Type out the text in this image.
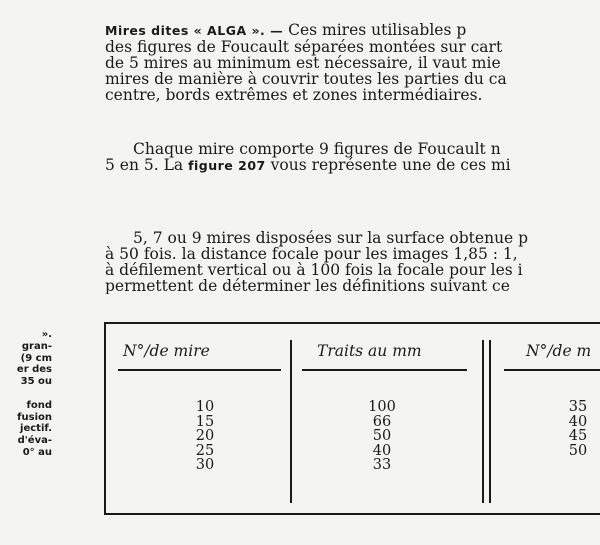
Mires dites « ALGA ». — Ces mires utilisables p
des figures de Foucault séparées montées sur cart
de 5 mires au minimum est nécessaire, il vaut mie
mires de manière à couvrir toutes les parties du ca
centre, bords extrêmes et zones intermédiaires.
Chaque mire comporte 9 figures de Foucault n
5 en 5. La figure 207 vous représente une de ces mi
5, 7 ou 9 mires disposées sur la surface obtenue p
à 50 fois. la distance focale pour les images 1,85 : 1,
à défilement vertical ou à 100 fois la focale pour les i
permettent de déterminer les définitions suivant ce
».
gran-
(9 cm
er des
35 ou

fond
fusion
jectif.
d'éva-
0° au
N°/de mire	Traits au mm	N°/de m
10
15
20
25
30
100
66
50
40
33
35
40
45
50
